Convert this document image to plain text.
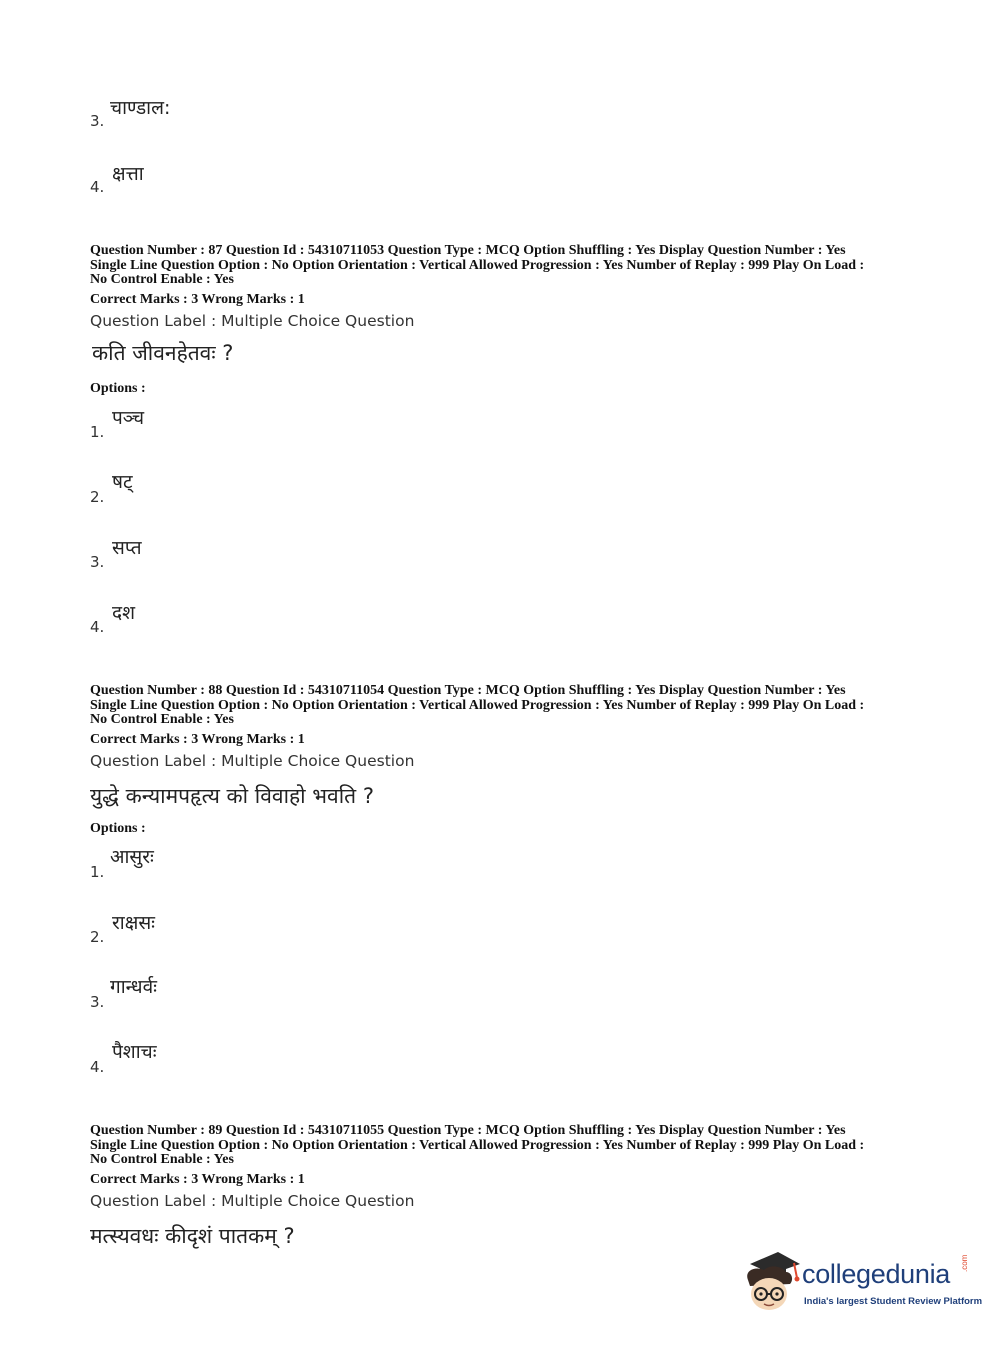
3.
चाण्डाल:
4.
क्षत्ता
Question Number : 87 Question Id : 54310711053 Question Type : MCQ Option Shuffling : Yes Display Question Number : Yes
Single Line Question Option : No Option Orientation : Vertical Allowed Progression : Yes Number of Replay : 999 Play On Load :
No Control Enable : Yes
Correct Marks : 3 Wrong Marks : 1
Question Label : Multiple Choice Question
कति जीवनहेतवः ?
Options :
1.
पञ्च
2.
षट्
3.
सप्त
4.
दश
Question Number : 88 Question Id : 54310711054 Question Type : MCQ Option Shuffling : Yes Display Question Number : Yes
Single Line Question Option : No Option Orientation : Vertical Allowed Progression : Yes Number of Replay : 999 Play On Load :
No Control Enable : Yes
Correct Marks : 3 Wrong Marks : 1
Question Label : Multiple Choice Question
युद्धे कन्यामपहृत्य को विवाहो भवति ?
Options :
1.
आसुरः
2.
राक्षसः
3.
गान्धर्वः
4.
पैशाचः
Question Number : 89 Question Id : 54310711055 Question Type : MCQ Option Shuffling : Yes Display Question Number : Yes
Single Line Question Option : No Option Orientation : Vertical Allowed Progression : Yes Number of Replay : 999 Play On Load :
No Control Enable : Yes
Correct Marks : 3 Wrong Marks : 1
Question Label : Multiple Choice Question
मत्स्यवधः कीदृशं पातकम् ?
collegedunia .com
India's largest Student Review Platform
